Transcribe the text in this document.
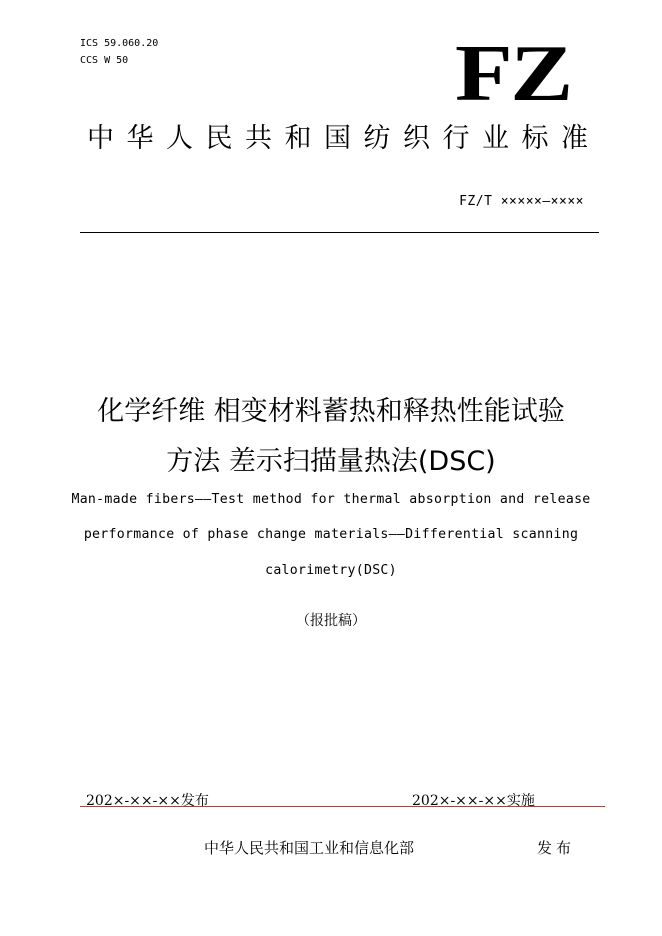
ICS 59.060.20
CCS W 50	FZ
中华人民共和国纺织行业标准
FZ/T ×××××—××××
化学纤维 相变材料蓄热和释热性能试验
方法 差示扫描量热法(DSC)
Man-made fibers——Test method for thermal absorption and release
performance of phase change materials——Differential scanning
calorimetry(DSC)
（报批稿）
202×-××-××发布	202×-××-××实施
中华人民共和国工业和信息化部	发布
